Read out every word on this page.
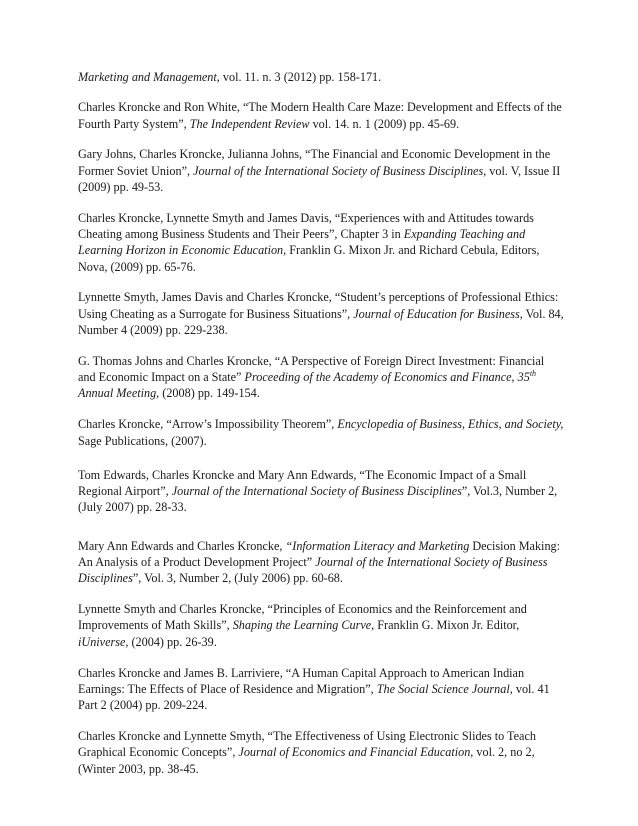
Marketing and Management, vol. 11. n. 3 (2012) pp. 158-171.

Charles Kroncke and Ron White, “The Modern Health Care Maze: Development and Effects of the Fourth Party System”, The Independent Review vol. 14. n. 1 (2009) pp. 45-69.

Gary Johns, Charles Kroncke, Julianna Johns, “The Financial and Economic Development in the Former Soviet Union”, Journal of the International Society of Business Disciplines, vol. V, Issue II (2009) pp. 49-53.

Charles Kroncke, Lynnette Smyth and James Davis, “Experiences with and Attitudes towards Cheating among Business Students and Their Peers”, Chapter 3 in Expanding Teaching and Learning Horizon in Economic Education, Franklin G. Mixon Jr. and Richard Cebula, Editors, Nova, (2009) pp. 65-76.

Lynnette Smyth, James Davis and Charles Kroncke, “Student’s perceptions of Professional Ethics: Using Cheating as a Surrogate for Business Situations”, Journal of Education for Business, Vol. 84, Number 4 (2009) pp. 229-238.

G. Thomas Johns and Charles Kroncke, “A Perspective of Foreign Direct Investment: Financial and Economic Impact on a State” Proceeding of the Academy of Economics and Finance, 35th Annual Meeting, (2008) pp. 149-154.

Charles Kroncke, “Arrow’s Impossibility Theorem”, Encyclopedia of Business, Ethics, and Society, Sage Publications, (2007).

Tom Edwards, Charles Kroncke and Mary Ann Edwards, “The Economic Impact of a Small Regional Airport”, Journal of the International Society of Business Disciplines”, Vol.3, Number 2, (July 2007) pp. 28-33.

Mary Ann Edwards and Charles Kroncke, “Information Literacy and Marketing Decision Making: An Analysis of a Product Development Project” Journal of the International Society of Business Disciplines”, Vol. 3, Number 2, (July 2006) pp. 60-68.

Lynnette Smyth and Charles Kroncke, “Principles of Economics and the Reinforcement and Improvements of Math Skills”, Shaping the Learning Curve, Franklin G. Mixon Jr. Editor, iUniverse, (2004) pp. 26-39.

Charles Kroncke and James B. Larriviere, “A Human Capital Approach to American Indian Earnings: The Effects of Place of Residence and Migration”, The Social Science Journal, vol. 41 Part 2 (2004) pp. 209-224.

Charles Kroncke and Lynnette Smyth, “The Effectiveness of Using Electronic Slides to Teach Graphical Economic Concepts”, Journal of Economics and Financial Education, vol. 2, no 2, (Winter 2003, pp. 38-45.
